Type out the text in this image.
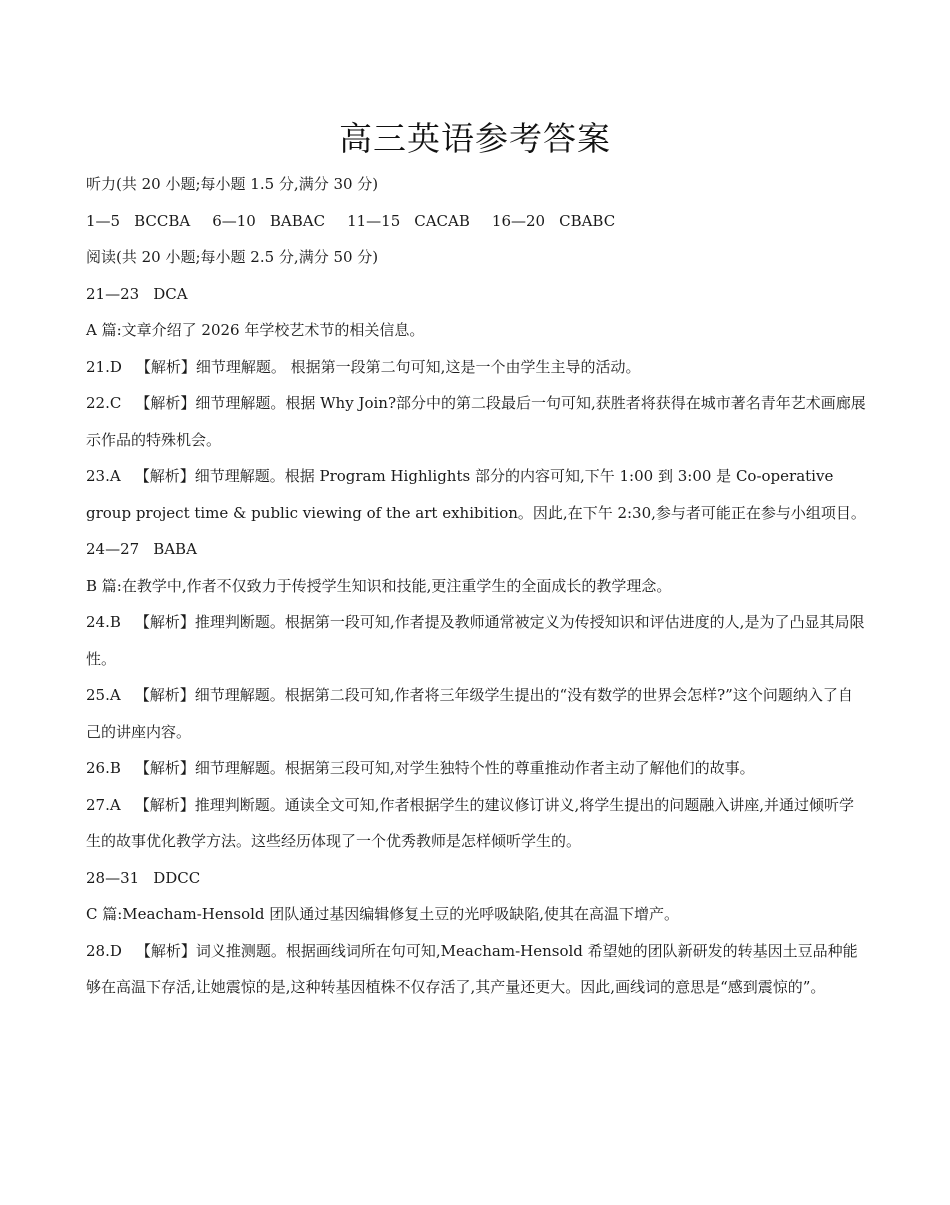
高三英语参考答案

听力(共 20 小题;每小题 1.5 分,满分 30 分)

1—5 BCCBA 6—10 BABAC 11—15 CACAB 16—20 CBABC

阅读(共 20 小题;每小题 2.5 分,满分 50 分)

21—23 DCA

A 篇:文章介绍了 2026 年学校艺术节的相关信息。

21.D 【解析】细节理解题。 根据第一段第二句可知,这是一个由学生主导的活动。

22.C 【解析】细节理解题。根据 Why Join?部分中的第二段最后一句可知,获胜者将获得在城市著名青年艺术画廊展示作品的特殊机会。

23.A 【解析】细节理解题。根据 Program Highlights 部分的内容可知,下午 1:00 到 3:00 是 Co-operative group project time & public viewing of the art exhibition。因此,在下午 2:30,参与者可能正在参与小组项目。

24—27 BABA

B 篇:在教学中,作者不仅致力于传授学生知识和技能,更注重学生的全面成长的教学理念。

24.B 【解析】推理判断题。根据第一段可知,作者提及教师通常被定义为传授知识和评估进度的人,是为了凸显其局限性。

25.A 【解析】细节理解题。根据第二段可知,作者将三年级学生提出的“没有数学的世界会怎样?”这个问题纳入了自己的讲座内容。

26.B 【解析】细节理解题。根据第三段可知,对学生独特个性的尊重推动作者主动了解他们的故事。

27.A 【解析】推理判断题。通读全文可知,作者根据学生的建议修订讲义,将学生提出的问题融入讲座,并通过倾听学生的故事优化教学方法。这些经历体现了一个优秀教师是怎样倾听学生的。

28—31 DDCC

C 篇:Meacham-Hensold 团队通过基因编辑修复土豆的光呼吸缺陷,使其在高温下增产。

28.D 【解析】词义推测题。根据画线词所在句可知,Meacham-Hensold 希望她的团队新研发的转基因土豆品种能够在高温下存活,让她震惊的是,这种转基因植株不仅存活了,其产量还更大。因此,画线词的意思是“感到震惊的”。
